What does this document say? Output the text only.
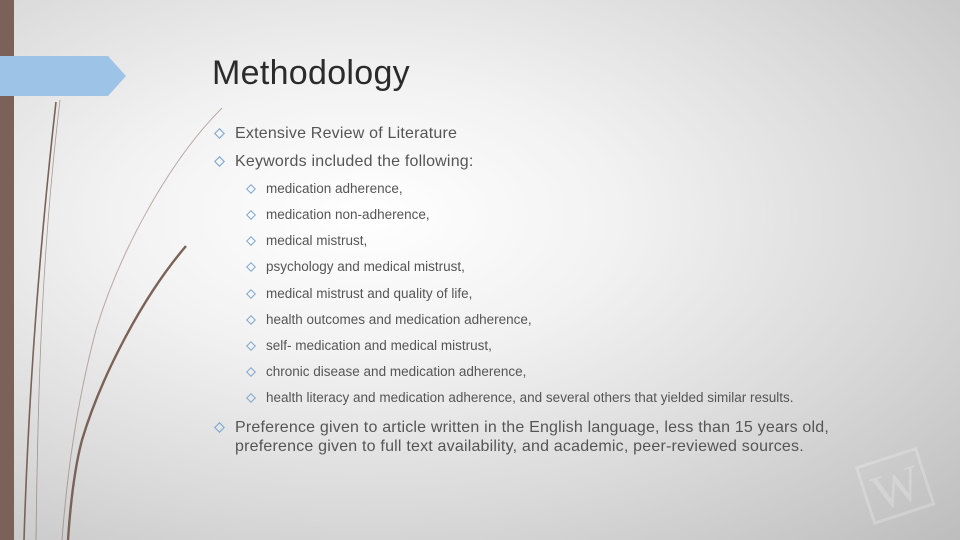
Methodology
Extensive Review of Literature
Keywords included the following:
medication adherence,
medication non-adherence,
medical mistrust,
psychology and medical mistrust,
medical mistrust and quality of life,
health outcomes and medication adherence,
self- medication and medical mistrust,
chronic disease and medication adherence,
health literacy and medication adherence, and several others that yielded similar results.
Preference given to article written in the English language, less than 15 years old,
preference given to full text availability, and academic, peer-reviewed sources.
W
